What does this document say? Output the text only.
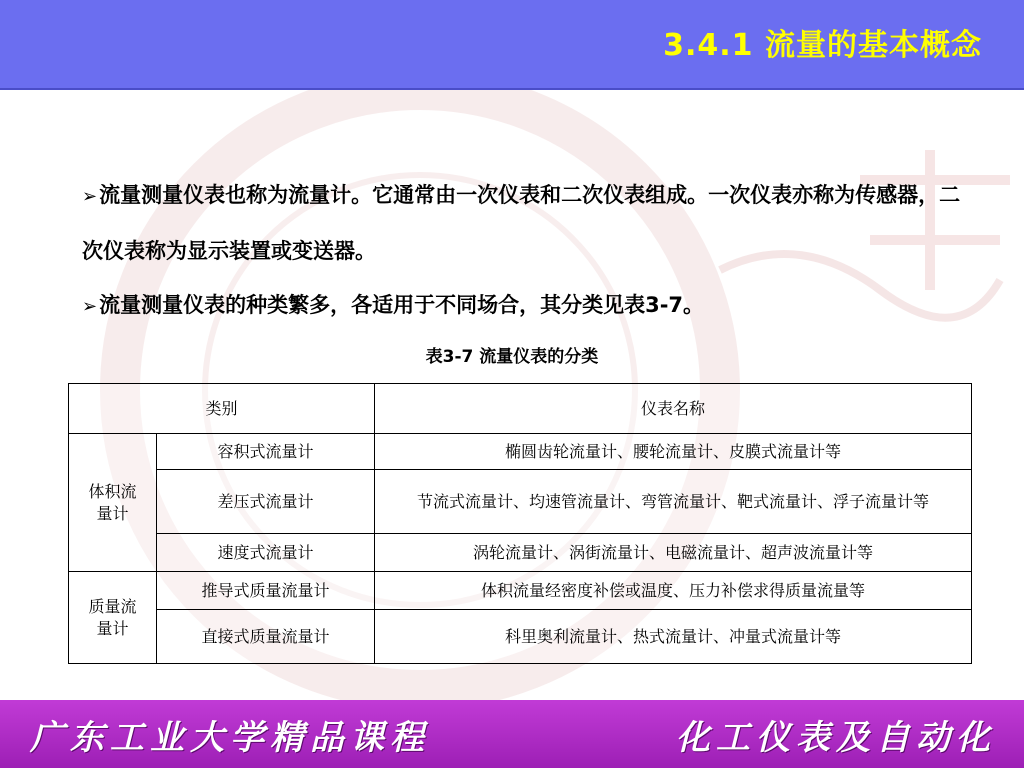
3.4.1 流量的基本概念

➢流量测量仪表也称为流量计。它通常由一次仪表和二次仪表组成。一次仪表亦称为传感器，二次仪表称为显示装置或变送器。

➢流量测量仪表的种类繁多，各适用于不同场合，其分类见表3-7。

表3-7 流量仪表的分类
类别		仪表名称

体积流量计	容积式流量计	椭圆齿轮流量计、腰轮流量计、皮膜式流量计等
	差压式流量计	节流式流量计、均速管流量计、弯管流量计、靶式流量计、浮子流量计等

	速度式流量计	涡轮流量计、涡街流量计、电磁流量计、超声波流量计等

质量流量计	推导式质量流量计	体积流量经密度补偿或温度、压力补偿求得质量流量等
	直接式质量流量计	科里奥利流量计、热式流量计、冲量式流量计等
广东工业大学精品课程	化工仪表及自动化
